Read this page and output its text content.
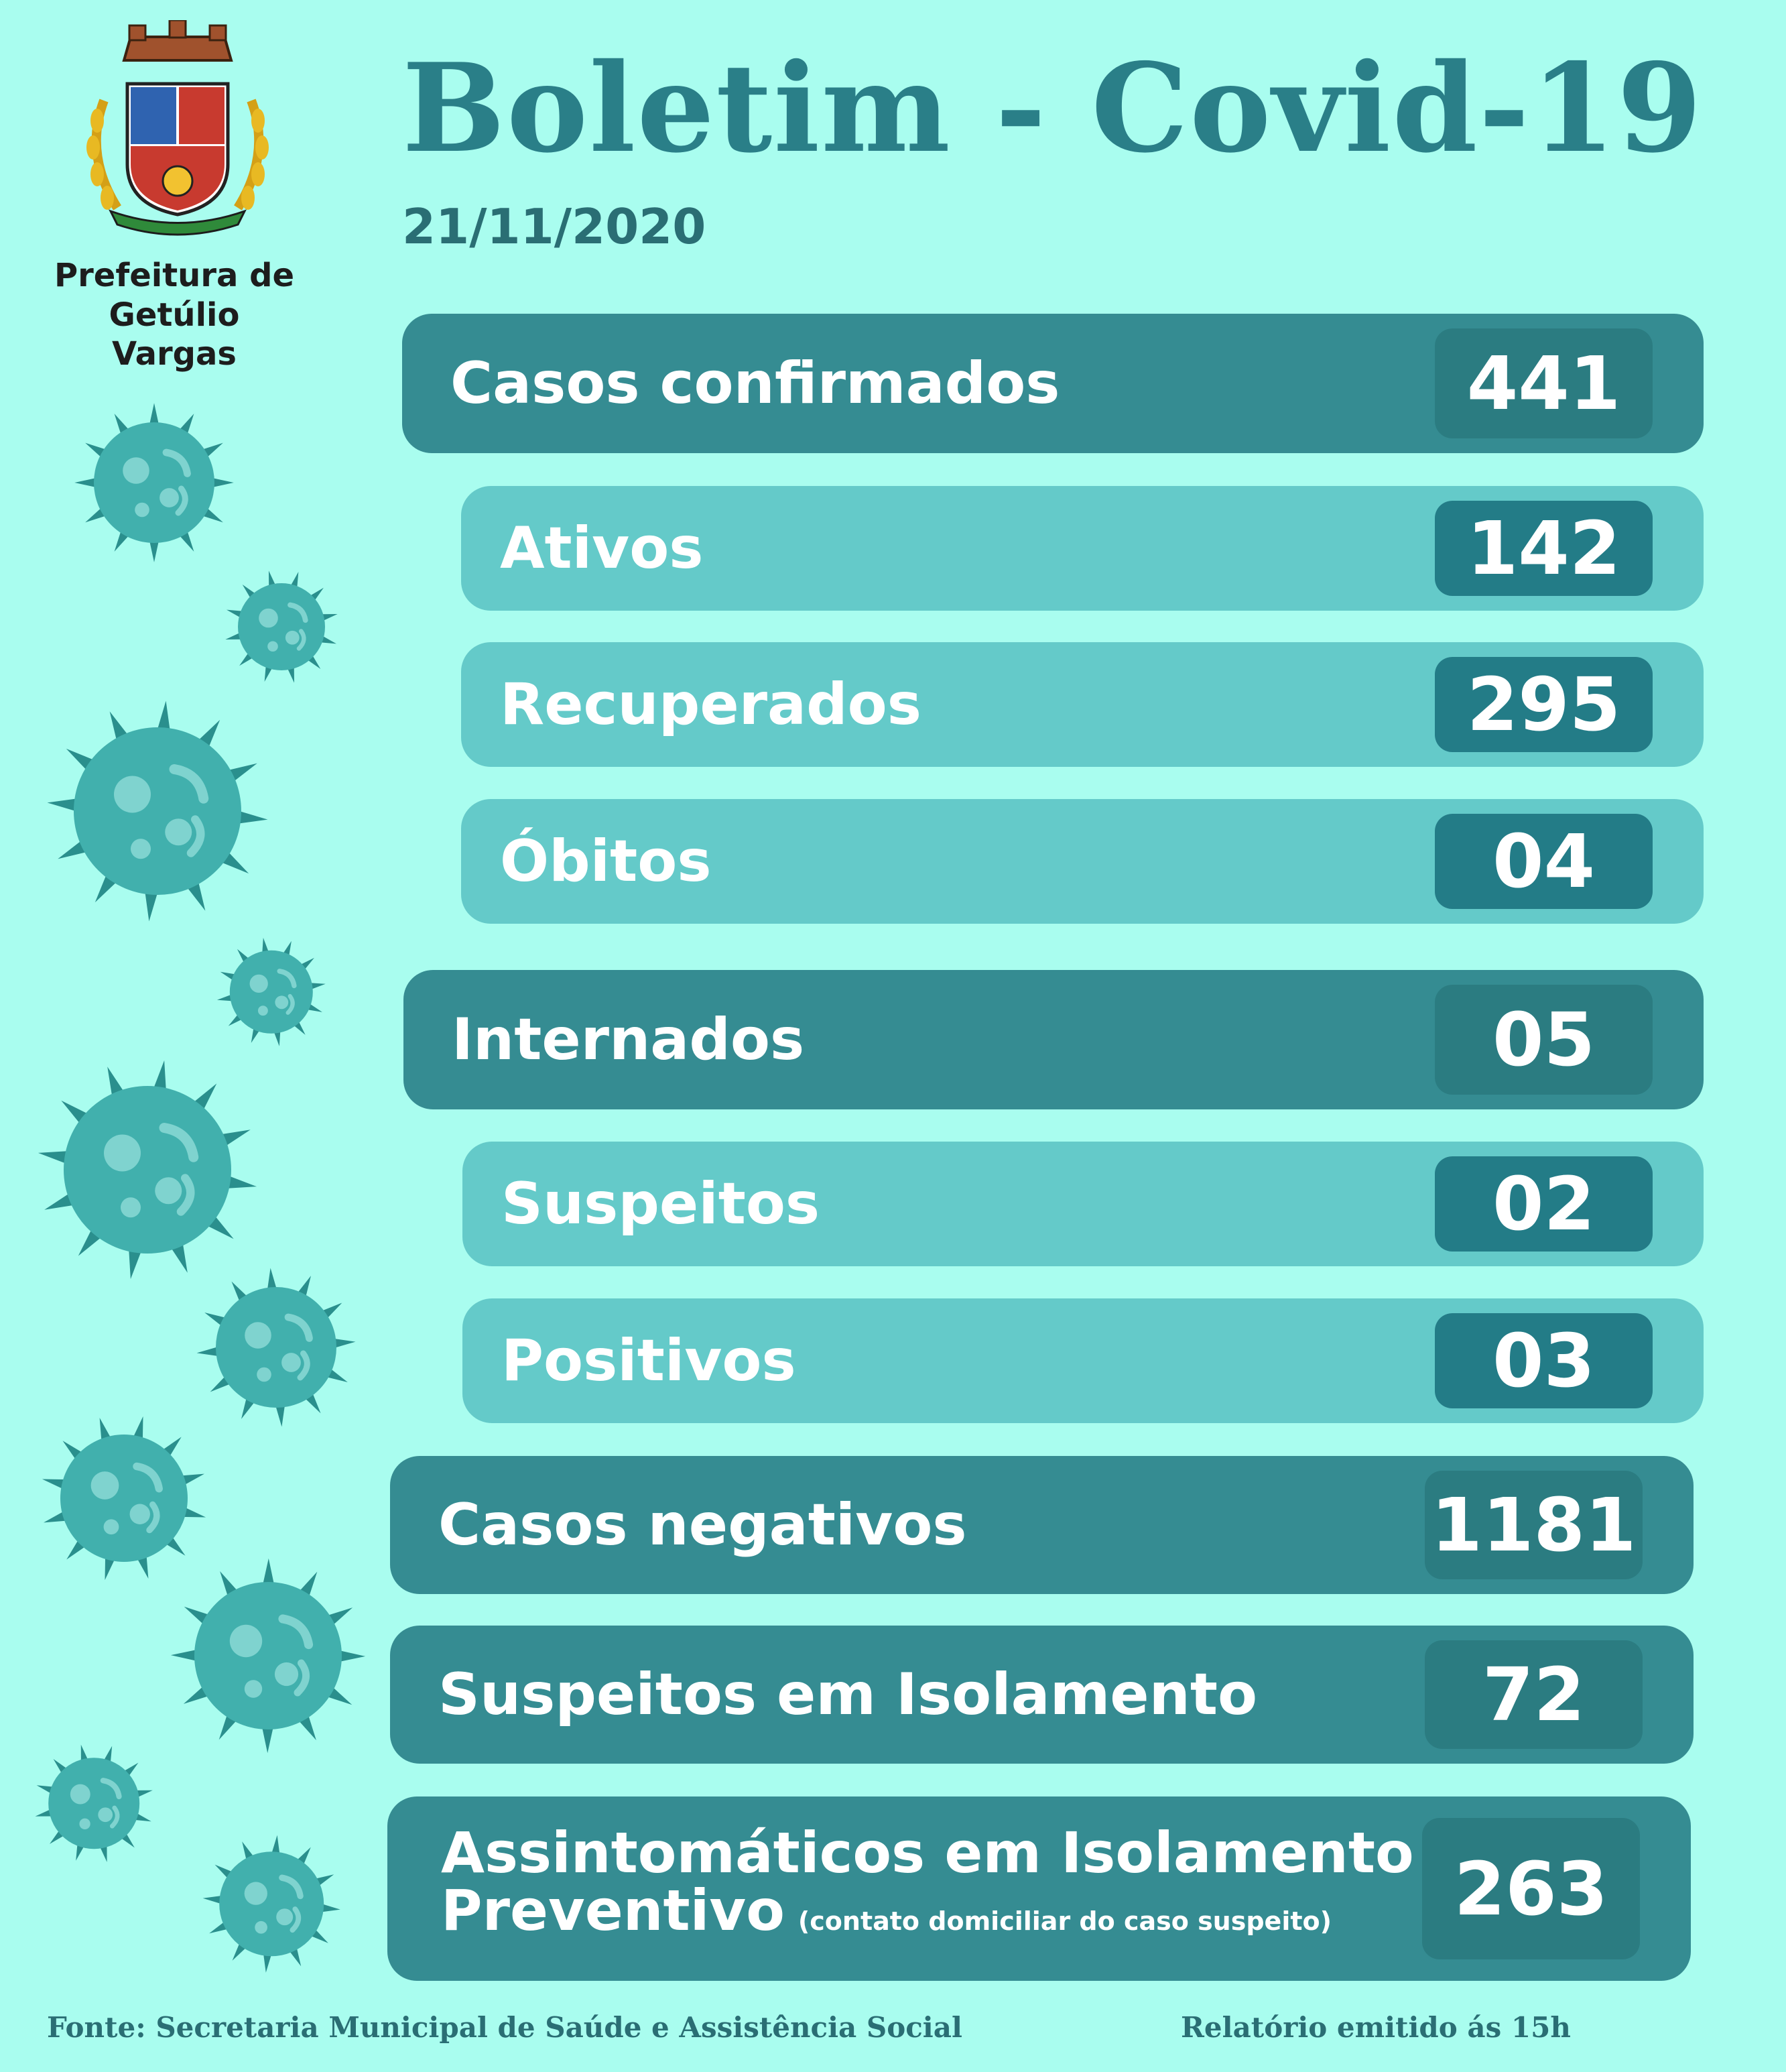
Boletim - Covid-19
21/11/2020
Prefeitura de
Getúlio Vargas	Casos confirmados	441
Ativos	142
Recuperados	295
Óbitos	04
Internados	05
Suspeitos	02
Positivos	03
Casos negativos	1181
Suspeitos em Isolamento	72
Assintomáticos em Isolamento
Preventivo (contato domiciliar do caso suspeito)	263
Fonte: Secretaria Municipal de Saúde e Assistência Social	Relatório emitido ás 15h
